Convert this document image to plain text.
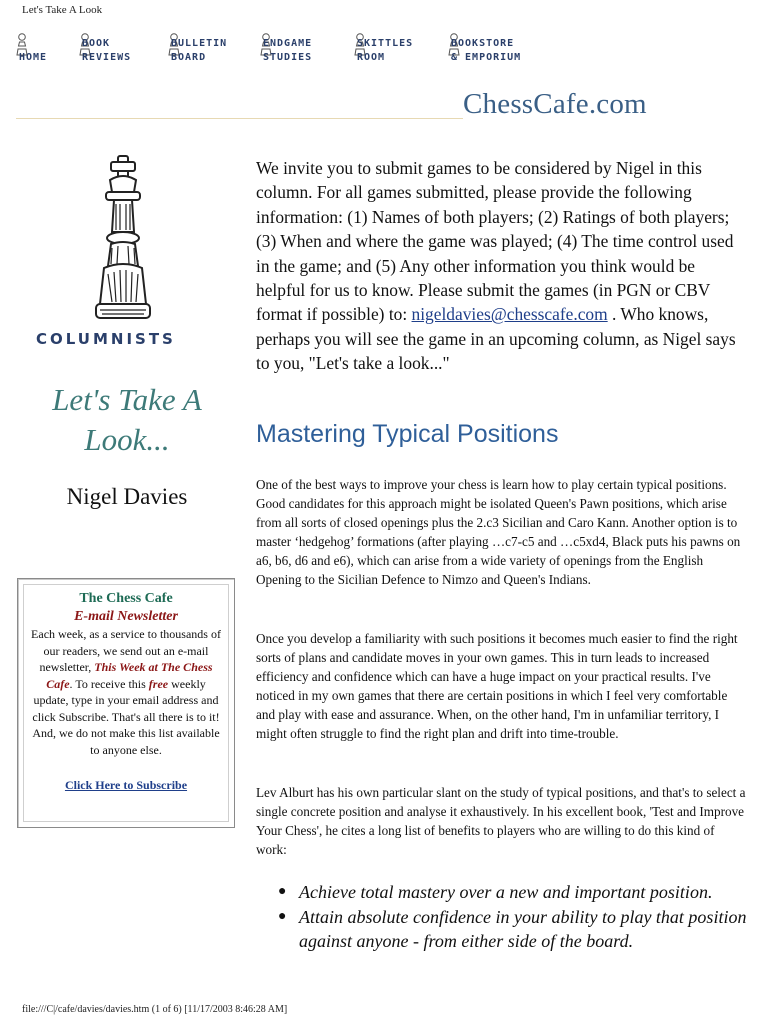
Let's Take A Look
HOME
BOOK
REVIEWS
BULLETIN
BOARD
ENDGAME
STUDIES
SKITTLES
ROOM
BOOKSTORE
& EMPORIUM
ChessCafe.com
COLUMNISTS
Let's Take A Look...
Nigel Davies
The Chess Cafe
E-mail Newsletter
Each week, as a service to thousands of our readers, we send out an e-mail newsletter, This Week at The Chess Cafe. To receive this free weekly update, type in your email address and click Subscribe. That's all there is to it! And, we do not make this list available to anyone else.
Click Here to Subscribe
We invite you to submit games to be considered by Nigel in this column. For all games submitted, please provide the following information: (1) Names of both players; (2) Ratings of both players; (3) When and where the game was played; (4) The time control used in the game; and (5) Any other information you think would be helpful for us to know. Please submit the games (in PGN or CBV format if possible) to: nigeldavies@chesscafe.com . Who knows, perhaps you will see the game in an upcoming column, as Nigel says to you, "Let's take a look..."
Mastering Typical Positions

One of the best ways to improve your chess is learn how to play certain typical positions. Good candidates for this approach might be isolated Queen's Pawn positions, which arise from all sorts of closed openings plus the 2.c3 Sicilian and Caro Kann. Another option is to master ‘hedgehog’ formations (after playing …c7-c5 and …c5xd4, Black puts his pawns on a6, b6, d6 and e6), which can arise from a wide variety of openings from the English Opening to the Sicilian Defence to Nimzo and Queen's Indians.

Once you develop a familiarity with such positions it becomes much easier to find the right sorts of plans and candidate moves in your own games. This in turn leads to increased efficiency and confidence which can have a huge impact on your practical results. I've noticed in my own games that there are certain positions in which I feel very comfortable and play with ease and assurance. When, on the other hand, I'm in unfamiliar territory, I might often struggle to find the right plan and drift into time-trouble.

Lev Alburt has his own particular slant on the study of typical positions, and that's to select a single concrete position and analyse it exhaustively. In his excellent book, 'Test and Improve Your Chess', he cites a long list of benefits to players who are willing to do this kind of work:

● Achieve total mastery over a new and important position.
● Attain absolute confidence in your ability to play that position against anyone - from either side of the board.
file:///C|/cafe/davies/davies.htm (1 of 6) [11/17/2003 8:46:28 AM]
